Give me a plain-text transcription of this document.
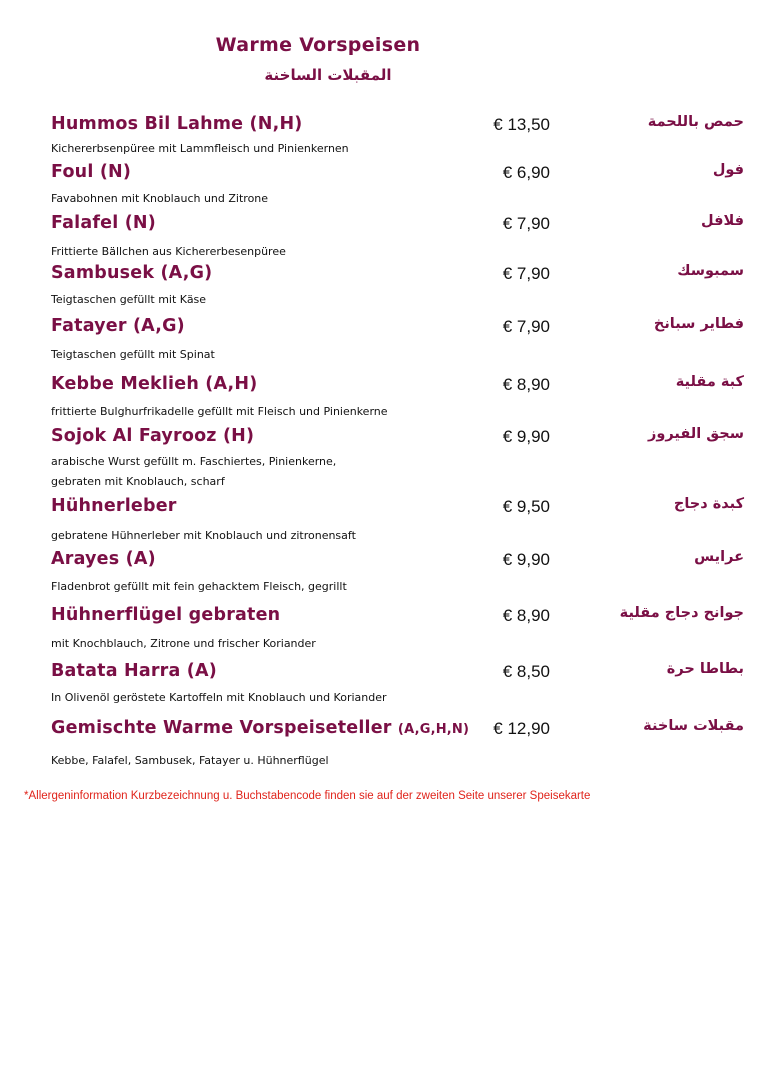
Warme Vorspeisen
المقبلات الساخنة
Hummos Bil Lahme (N,H)	€ 13,50	حمص باللحمة
Kichererbsenpüree mit Lammfleisch und Pinienkernen
Foul (N)	€ 6,90	فول
Favabohnen mit Knoblauch und Zitrone
Falafel (N)	€ 7,90	فلافل
Frittierte Bällchen aus Kichererbesenpüree
Sambusek (A,G)	€ 7,90	سمبوسك
Teigtaschen gefüllt mit Käse
Fatayer (A,G)	€ 7,90	فطاير سبانخ
Teigtaschen gefüllt mit Spinat
Kebbe Meklieh (A,H)	€ 8,90	كبة مقلية
frittierte Bulghurfrikadelle gefüllt mit Fleisch und Pinienkerne
Sojok Al Fayrooz (H)	€ 9,90	سجق الفيروز
arabische Wurst gefüllt m. Faschiertes, Pinienkerne,
gebraten mit Knoblauch, scharf
Hühnerleber	€ 9,50	كبدة دجاج
gebratene Hühnerleber mit Knoblauch und zitronensaft
Arayes (A)	€ 9,90	عرايس
Fladenbrot gefüllt mit fein gehacktem Fleisch, gegrillt
Hühnerflügel gebraten	€ 8,90	جوانح دجاج مقلية
mit Knochblauch, Zitrone und frischer Koriander
Batata Harra (A)	€ 8,50	بطاطا حرة
In Olivenöl geröstete Kartoffeln mit Knoblauch und Koriander
Gemischte Warme Vorspeiseteller (A,G,H,N) € 12,90	مقبلات ساخنة
Kebbe, Falafel, Sambusek, Fatayer u. Hühnerflügel
*Allergeninformation Kurzbezeichnung u. Buchstabencode finden sie auf der zweiten Seite unserer Speisekarte
